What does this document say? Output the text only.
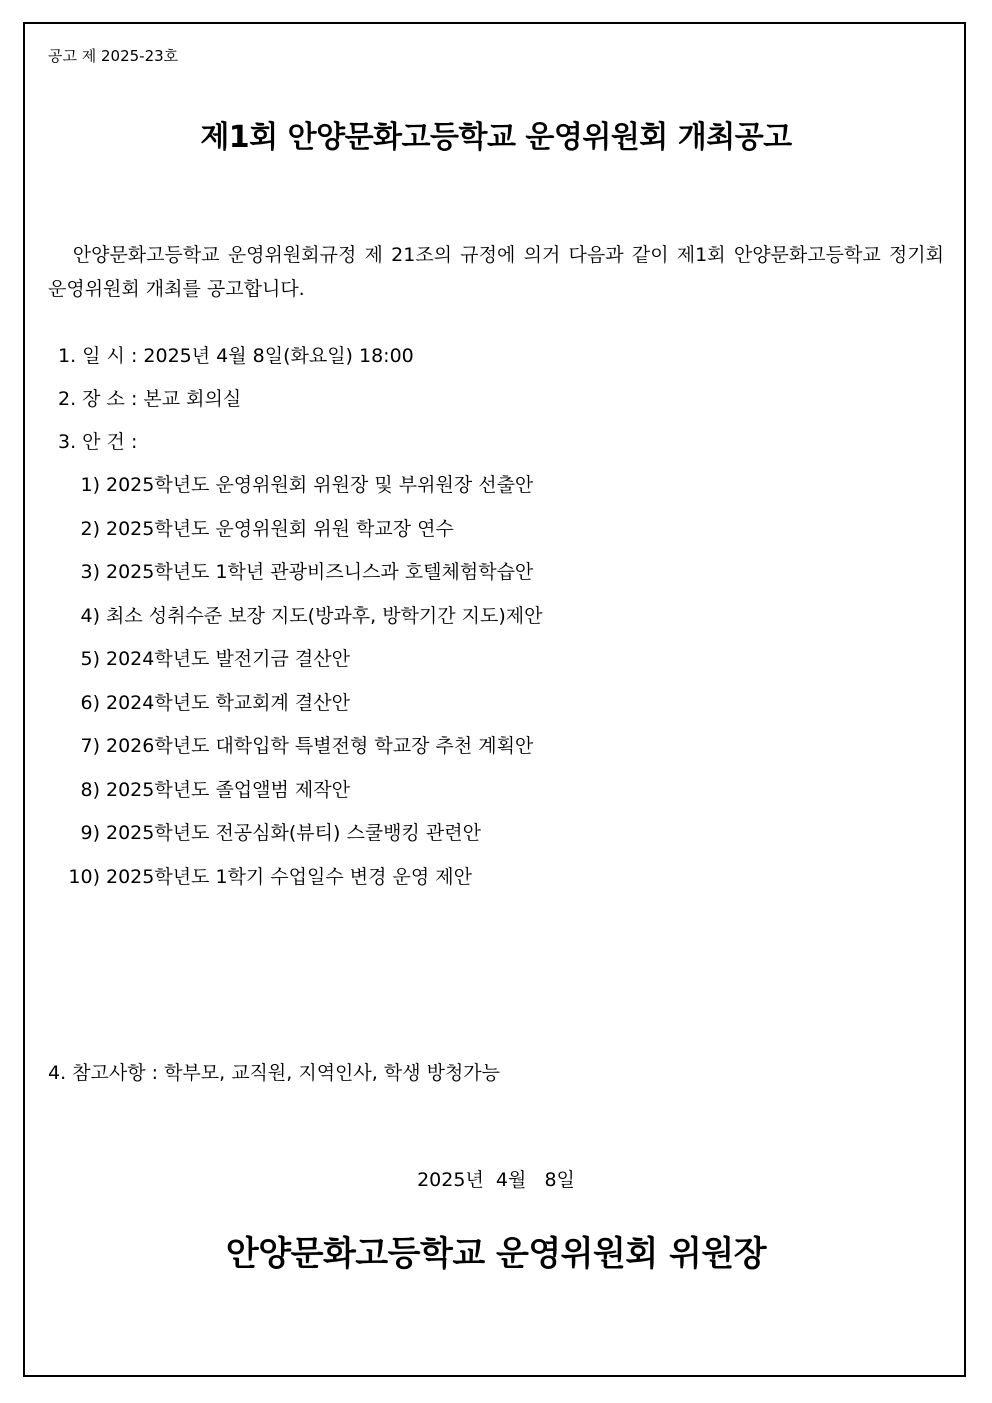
공고 제 2025-23호
제1회 안양문화고등학교 운영위원회 개최공고
안양문화고등학교 운영위원회규정 제 21조의 규정에 의거 다음과 같이 제1회 안양문화고등학교 정기회 운영위원회 개최를 공고합니다.
1. 일 시 : 2025년 4월 8일(화요일) 18:00
2. 장 소 : 본교 회의실
3. 안 건 :
1) 2025학년도 운영위원회 위원장 및 부위원장 선출안
2) 2025학년도 운영위원회 위원 학교장 연수
3) 2025학년도 1학년 관광비즈니스과 호텔체험학습안
4) 최소 성취수준 보장 지도(방과후, 방학기간 지도)제안
5) 2024학년도 발전기금 결산안
6) 2024학년도 학교회계 결산안
7) 2026학년도 대학입학 특별전형 학교장 추천 계획안
8) 2025학년도 졸업앨범 제작안
9) 2025학년도 전공심화(뷰티) 스쿨뱅킹 관련안
10) 2025학년도 1학기 수업일수 변경 운영 제안
4. 참고사항 : 학부모, 교직원, 지역인사, 학생 방청가능
2025년  4월   8일
안양문화고등학교 운영위원회 위원장
